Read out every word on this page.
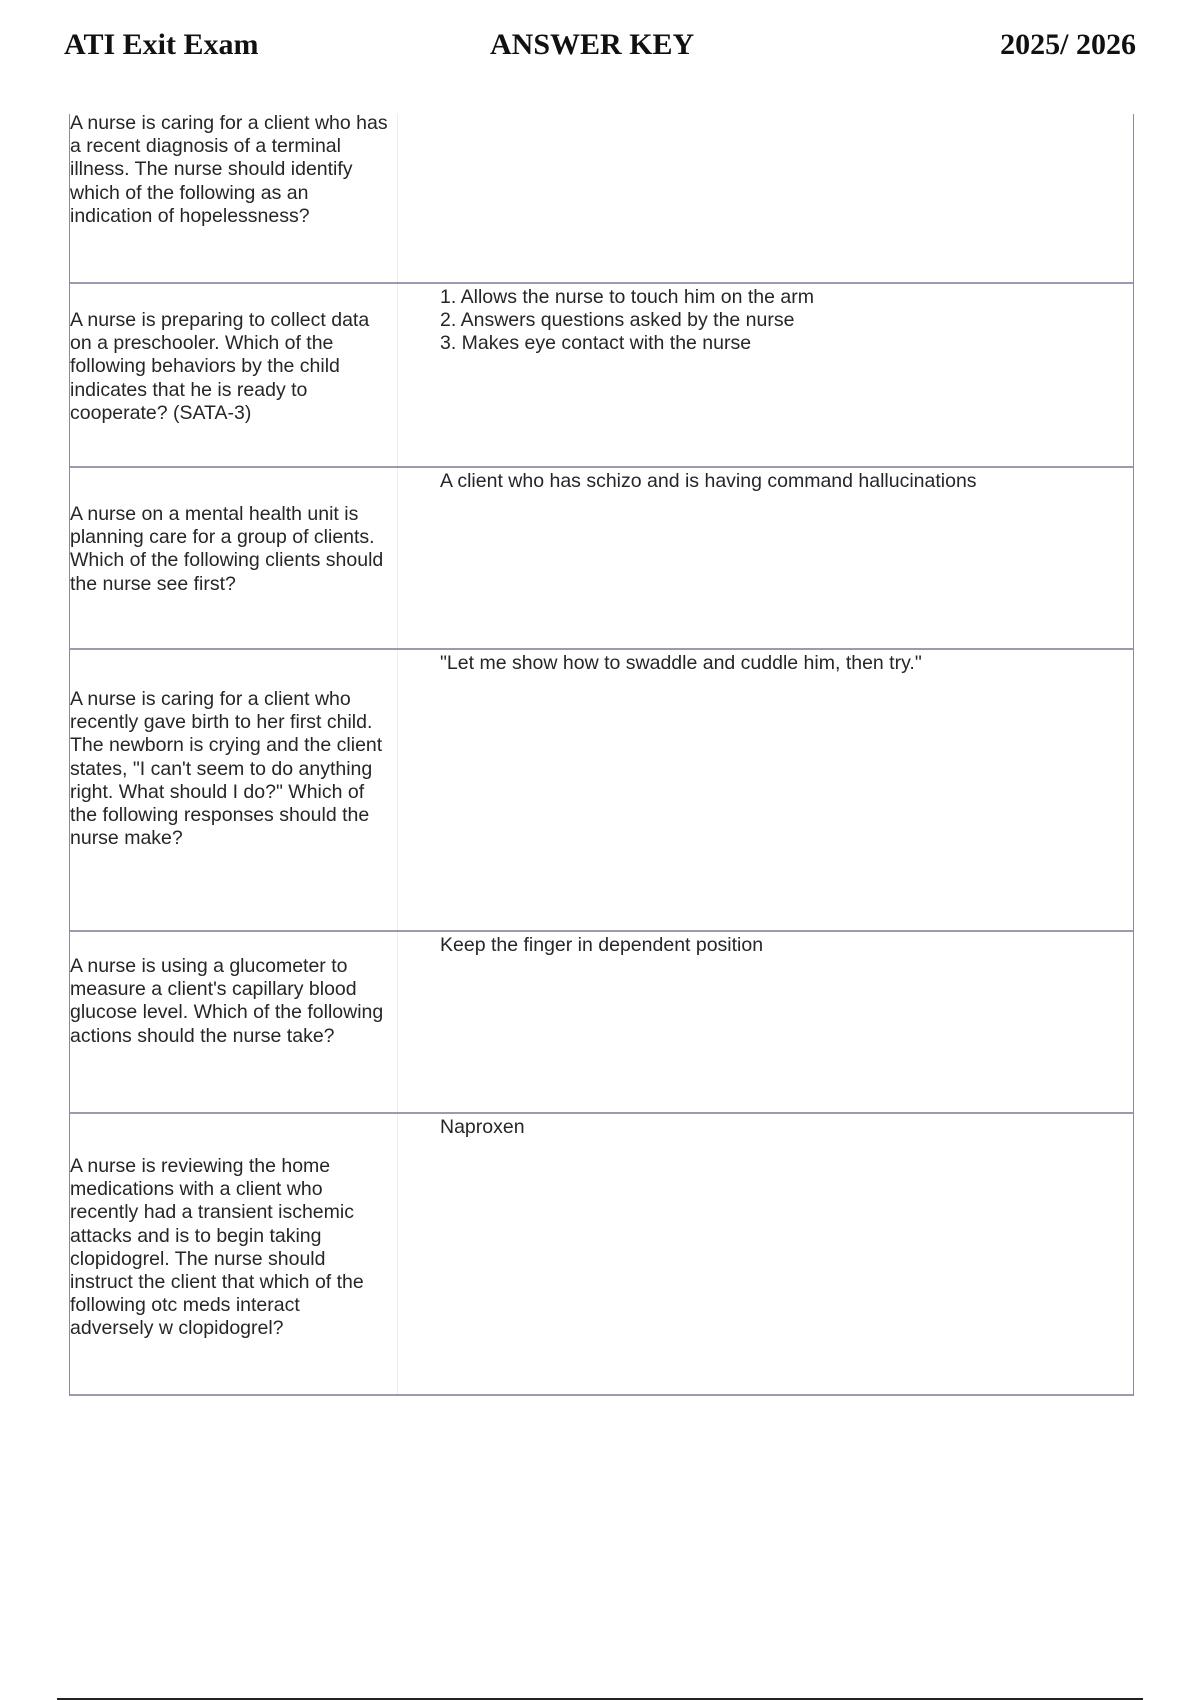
ATI Exit Exam	ANSWER KEY	2025/ 2026
A nurse is caring for a client who has a recent diagnosis of a terminal illness. The nurse should identify which of the following as an indication of hopelessness?
A nurse is preparing to collect data on a preschooler. Which of the following behaviors by the child indicates that he is ready to cooperate? (SATA-3)
1. Allows the nurse to touch him on the arm
2. Answers questions asked by the nurse
3. Makes eye contact with the nurse
A nurse on a mental health unit is planning care for a group of clients. Which of the following clients should the nurse see first?
A client who has schizo and is having command hallucinations
A nurse is caring for a client who recently gave birth to her first child. The newborn is crying and the client states, "I can't seem to do anything right. What should I do?" Which of the following responses should the nurse make?
"Let me show how to swaddle and cuddle him, then try."
A nurse is using a glucometer to measure a client's capillary blood glucose level. Which of the following actions should the nurse take?
Keep the finger in dependent position
A nurse is reviewing the home medications with a client who recently had a transient ischemic attacks and is to begin taking clopidogrel. The nurse should instruct the client that which of the following otc meds interact adversely w clopidogrel?
Naproxen
